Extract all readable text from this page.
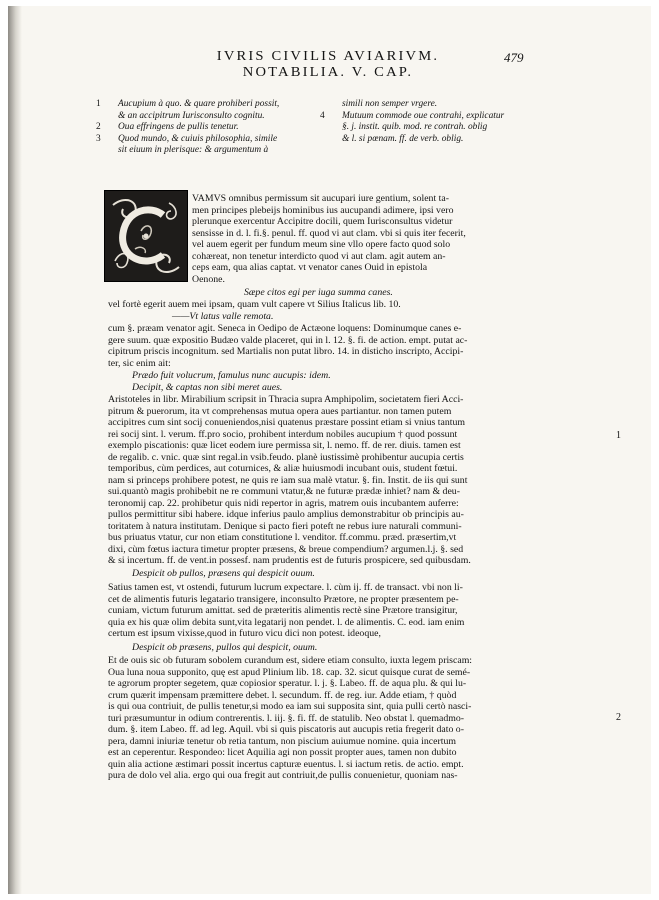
IVRIS CIVILIS AVIARIVM.
NOTABILIA. V. CAP.
479
1 Aucupium à quo. & quare prohiberi possit,
& an accipitrum Iurisconsulto cognitu.
2 Oua effringens de pullis tenetur.
3 Quod mundo, & cuiuis philosophia, simile
sit eiuum in plerisque: & argumentum à
simili non semper vrgere.
4 Mutuum commode oue contrahi, explicatur
§. j. instit. quib. mod. re contrah. oblig
& l. si pœnam. ff. de verb. oblig.
VAMVS omnibus permissum sit aucupari iure gentium, solent ta-
men principes plebeijs hominibus ius aucupandi adimere, ipsi vero
plerunque exercentur Accipitre docili, quem Iurisconsultus videtur
sensisse in d. l. fi.§. penul. ff. quod vi aut clam. vbi si quis iter fecerit,
vel auem egerit per fundum meum sine vllo opere facto quod solo
cohæreat, non tenetur interdicto quod vi aut clam. agit autem an-
ceps eam, qua alias captat. vt venator canes Ouid in epistola
Oenone.
Sæpe citos egi per iuga summa canes.
vel fortè egerit auem mei ipsam, quam vult capere vt Silius Italicus lib. 10.
——Vt latus valle remota.
cum §. præam venator agit. Seneca in Oedipo de Actæone loquens: Dominumque canes e-
gere suum. quæ expositio Budæo valde placeret, qui in l. 12. §. fi. de action. empt. putat ac-
cipitrum priscis incognitum. sed Martialis non putat libro. 14. in disticho inscripto, Accipi-
ter, sic enim ait:
Prædo fuit volucrum, famulus nunc aucupis: idem.
Decipit, & captas non sibi meret aues.
Aristoteles in libr. Mirabilium scripsit in Thracia supra Amphipolim, societatem fieri Acci-
pitrum & puerorum, ita vt comprehensas mutua opera aues partiantur. non tamen putem
accipitres cum sint socij conueniendos,nisi quatenus præstare possint etiam si vnius tantum
rei socij sint. l. verum. ff.pro socio, prohibent interdum nobiles aucupium † quod possunt
exemplo piscationis: quæ licet eodem iure permissa sit, l. nemo. ff. de rer. diuis. tamen est
de regalib. c. vnic. quæ sint regal.in vsib.feudo. planè iustissimè prohibentur aucupia certis
temporibus, cùm perdices, aut coturnices, & aliæ huiusmodi incubant ouis, student fœtui.
nam si princeps prohibere potest, ne quis re iam sua malè vtatur. §. fin. Instit. de iis qui sunt
sui.quantò magis prohibebit ne re communi vtatur,& ne futuræ prædæ inhiet? nam & deu-
teronomij cap. 22. prohibetur quis nidi repertor in agris, matrem ouis incubantem auferre:
pullos permittitur sibi habere. idque inferius paulo amplius demonstrabitur ob principis au-
toritatem à natura institutam. Denique si pacto fieri poteft ne rebus iure naturali communi-
bus priuatus vtatur, cur non etiam constitutione l. venditor. ff.commu. præd. præsertim,vt
dixi, cùm fœtus iactura timetur propter præsens, & breue compendium? argumen.l.j. §. sed
& si incertum. ff. de vent.in possesf. nam prudentis est de futuris prospicere, sed quibusdam.
1
Despicit ob pullos, præsens qui despicit ouum.
Satius tamen est, vt ostendi, futurum lucrum expectare. l. cùm ij. ff. de transact. vbi non li-
cet de alimentis futuris legatario transigere, inconsulto Prætore, ne propter præsentem pe-
cuniam, victum futurum amittat. sed de præteritis alimentis rectè sine Prætore transigitur,
quia ex his quæ olim debita sunt,vita legatarij non pendet. l. de alimentis. C. eod. iam enim
certum est ipsum vixisse,quod in futuro vicu dici non potest. ideoque,
Despicit ob præsens, pullos qui despicit, ouum.
Et de ouis sic ob futuram sobolem curandum est, sidere etiam consulto, iuxta legem priscam:
Oua luna noua supponito, quę est apud Plinium lib. 18. cap. 32. sicut quisque curat de semé-
te agrorum propter segetem, quæ copiosior speratur. l. j. §. Labeo. ff. de aqua plu. & qui lu-
crum quærit impensam præmittere debet. l. secundum. ff. de reg. iur. Adde etiam, † quòd
is qui oua contriuit, de pullis tenetur,si modo ea iam sui supposita sint, quia pulli certò nasci-
turi præsumuntur in odium contrerentis. l. iij. §. fi. ff. de statulib. Neo obstat l. quemadmo-
dum. §. item Labeo. ff. ad leg. Aquil. vbi si quis piscatoris aut aucupis retia fregerit dato o-
pera, damni iniuriæ tenetur ob retia tantum, non piscium auiumue nomine. quia incertum
est an ceperentur. Respondeo: licet Aquilia agi non possit propter aues, tamen non dubito
quin alia actione æstimari possit incertus capturæ euentus. l. si iactum retis. de actio. empt.
pura de dolo vel alia. ergo qui oua fregit aut contriuit,de pullis conuenietur, quoniam nas-
2
